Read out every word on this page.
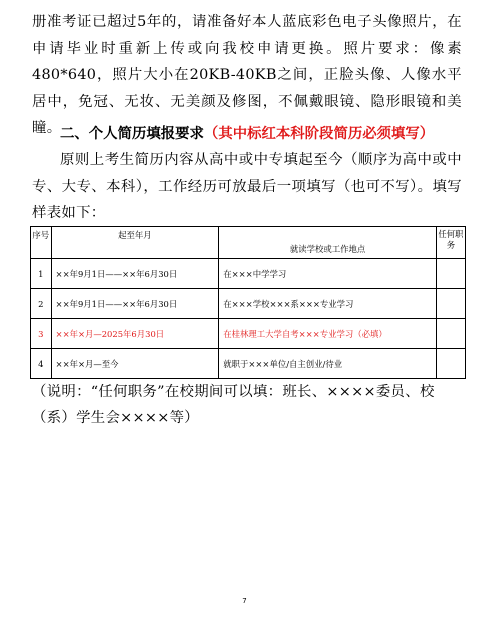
册准考证已超过5年的，请准备好本人蓝底彩色电子头像照片，在申请毕业时重新上传或向我校申请更换。照片要求：像素480*640，照片大小在20KB-40KB之间，正脸头像、人像水平居中，免冠、无妆、无美颜及修图，不佩戴眼镜、隐形眼镜和美瞳。

二、个人简历填报要求（其中标红本科阶段简历必须填写）

原则上考生简历内容从高中或中专填起至今（顺序为高中或中专、大专、本科），工作经历可放最后一项填写（也可不写）。填写样表如下：

序号	起至年月	就读学校或工作地点	任何职务
1	××年9月1日——××年6月30日	在×××中学学习	
2	××年9月1日——××年6月30日	在×××学校×××系×××专业学习	
3	××年×月—2025年6月30日	在桂林理工大学自考×××专业学习（必填）	
4	××年×月—至今	就职于×××单位/自主创业/待业	

（说明：“任何职务”在校期间可以填：班长、××××委员、校（系）学生会××××等）

7
